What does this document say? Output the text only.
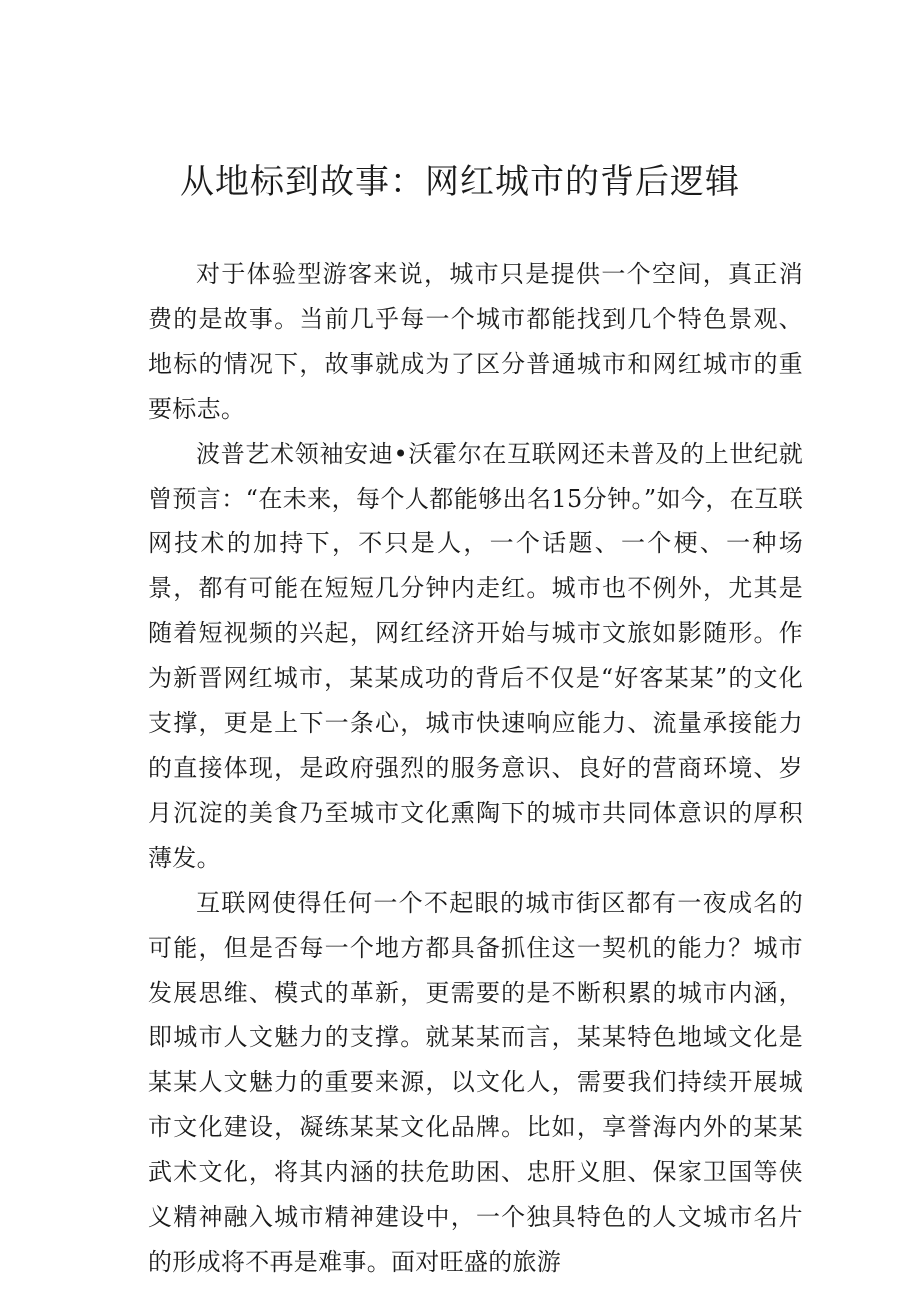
从地标到故事：网红城市的背后逻辑

对于体验型游客来说，城市只是提供一个空间，真正消费的是故事。当前几乎每一个城市都能找到几个特色景观、地标的情况下，故事就成为了区分普通城市和网红城市的重要标志。

波普艺术领袖安迪•沃霍尔在互联网还未普及的上世纪就曾预言：“在未来，每个人都能够出名15分钟。”如今，在互联网技术的加持下，不只是人，一个话题、一个梗、一种场景，都有可能在短短几分钟内走红。城市也不例外，尤其是随着短视频的兴起，网红经济开始与城市文旅如影随形。作为新晋网红城市，某某成功的背后不仅是“好客某某”的文化支撑，更是上下一条心，城市快速响应能力、流量承接能力的直接体现，是政府强烈的服务意识、良好的营商环境、岁月沉淀的美食乃至城市文化熏陶下的城市共同体意识的厚积薄发。

互联网使得任何一个不起眼的城市街区都有一夜成名的可能，但是否每一个地方都具备抓住这一契机的能力？城市发展思维、模式的革新，更需要的是不断积累的城市内涵，即城市人文魅力的支撑。就某某而言，某某特色地域文化是某某人文魅力的重要来源，以文化人，需要我们持续开展城市文化建设，凝练某某文化品牌。比如，享誉海内外的某某武术文化，将其内涵的扶危助困、忠肝义胆、保家卫国等侠义精神融入城市精神建设中，一个独具特色的人文城市名片的形成将不再是难事。面对旺盛的旅游
